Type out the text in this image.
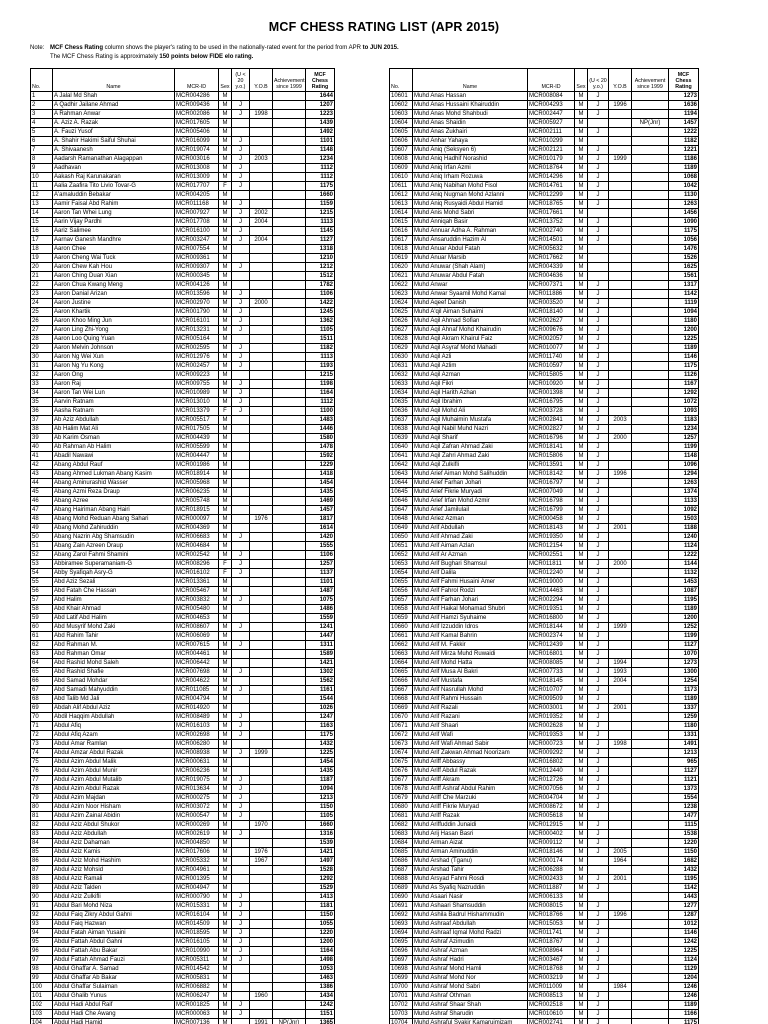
MCF CHESS RATING LIST (APR 2015)
Note: MCF Chess Rating column shows the player's rating to be used in the nationally-rated event for the period from APR to JUN 2015.
The MCF Chess Rating is approximately 150 points below FIDE elo rating.
No.	Name	MCR-ID	Sex	(U < 20 y.o.)	Y.O.B	Achievement since 1999	MCF Chess Rating	
1	A Jalal Md Shah	MCR004286	M				1644	
2	A Qadhir Jailane Ahmad	MCR009436	M	J			1207	
3	A Rahman Anwar	MCR002086	M	J	1998		1223	
4	A. Aziz A. Razak	MCR017605	M				1439	
5	A. Fauzi Yusof	MCR005406	M				1492	
6	A. Shahir Hakimi Saiful Shuhai	MCR016099	M	J			1101	
7	A. Shivaanesh	MCR019074	M	J			1148	
8	Aadarsh Ramanathan Alagappan	MCR003016	M	J	2003		1234	
9	Aadhavan	MCR013008	M	J			1112	
10	Aakash Raj Karunakaran	MCR013009	M	J			1112	
11	Aalia Zaafira Tito Livio Tovar-G	MCR017707	F	J			1175	
12	A'amaluddin Bebakar	MCR004205	M				1660	
13	Aamir Faisal Abd Rahim	MCR011168	M	J			1159	
14	Aaron Tan Whei Lung	MCR007927	M	J	2002		1215	
15	Aarin Vijay Pardhi	MCR017708	M	J	2004		1113	
16	Aariz Salimee	MCR016100	M	J			1145	
17	Aarnav Ganesh Mandhre	MCR003247	M	J	2004		1127	
18	Aaron Chee	MCR007554	M				1318	
19	Aaron Cheng Wai Tuck	MCR009361	M				1210	
20	Aaron Chew Kah Hou	MCR009307	M	J			1212	
21	Aaron Ching Duan Xian	MCR000345	M				1512	
22	Aaron Chua Kwang Meng	MCR004126	M				1782	
23	Aaron Danial Arizan	MCR013596	M	J			1106	
24	Aaron Justine	MCR002970	M	J	2000		1422	
25	Aaron Khartik	MCR001790	M	J			1245	
26	Aaron Khoo Ming Jun	MCR016101	M	J			1362	
27	Aaron Ling Zhi-Yong	MCR013231	M	J			1105	
28	Aaron Loo Quing Yuan	MCR005164	M				1511	
29	Aaron Melvin Johnson	MCR002595	M	J			1182	
30	Aaron Ng Wei Xun	MCR012976	M	J			1113	
31	Aaron Ng Yu Kong	MCR002457	M	J			1193	
32	Aaron Ong	MCR009223	M				1215	
33	Aaron Raj	MCR009755	M	J			1198	
34	Aaron Tan Wei Lun	MCR010989	M	J			1164	
35	Aarvin Ratnam	MCR013010	M	J			1112	
36	Aasha Ratnam	MCR013379	F	J			1100	
37	Ab Aziz Abdullah	MCR005517	M				1483	
38	Ab Halim Mat Ali	MCR017505	M				1446	
39	Ab Karim Osman	MCR004439	M				1580	
40	Ab Rahman Ab Halim	MCR005599	M				1478	
41	Abadil Nawawi	MCR004447	M				1592	
42	Abang Abdul Rauf	MCR001986	M				1229	
43	Abang Ahmed Lukman Abang Kasim	MCR018914	M				1418	
44	Abang Aminurashid Wasser	MCR005968	M				1454	
45	Abang Azmi Reza Draup	MCR006235	M				1435	
46	Abang Azree	MCR005748	M				1469	
47	Abang Hairiman Abang Hairi	MCR018915	M				1457	
48	Abang Mohd Reduan Abang Sahari	MCR000097	M		1976		1817	
49	Abang Mohd Zahiruddin	MCR004369	M				1614	
50	Abang Nazrin Abg Shamsudin	MCR006683	M	J			1420	
51	Abang Zain Azreen Draup	MCR004684	M				1555	
52	Abang Zarol Fahmi Shamini	MCR002542	M	J			1106	
53	Abbiramee Superamaniam-G	MCR008296	F	J			1257	
54	Abby Syafiqah Asry-G	MCR016102	F	J			1137	
55	Abd Aziz Sezali	MCR013361	M				1101	
56	Abd Fatah Che Hassan	MCR005467	M				1487	
57	Abd Halim	MCR003832	M	J			1075	
58	Abd Khair Ahmad	MCR005480	M				1486	
59	Abd Latif Abd Halim	MCR004653	M				1559	
60	Abd Musyrif Mohd Zaki	MCR008607	M	J			1241	
61	Abd Rahim Tahir	MCR006069	M				1447	
62	Abd Rahman M.	MCR007615	M	J			1311	
63	Abd Rahman Omar	MCR004461	M				1589	
64	Abd Rashid Mohd Saleh	MCR006442	M				1421	
65	Abd Rashid Shafie	MCR007698	M	J			1302	
66	Abd Samad Mohdar	MCR004622	M				1562	
67	Abd Samadi Mahyuddin	MCR011085	M	J			1161	
68	Abd Talib Md Jali	MCR004794	M				1544	
69	Abdah Alif Abdul Aziz	MCR014920	M				1026	
70	Abdil Haqqim Abdullah	MCR008489	M	J			1247	
71	Abdul Afiq	MCR016103	M	J			1163	
72	Abdul Afiq Azam	MCR002698	M	J			1175	
73	Abdul Amar Ramlan	MCR006280	M				1432	
74	Abdul Amzar Abdul Razak	MCR008938	M	J	1999		1225	
75	Abdul Azim Abdul Malik	MCR000631	M				1454	
76	Abdul Azim Abdul Munir	MCR006236	M				1435	
77	Abdul Azim Abdul Mutalib	MCR019075	M	J			1187	
78	Abdul Azim Abdul Razak	MCR013634	M	J			1094	
79	Abdul Azim Majdan	MCR000275	M	J			1213	
80	Abdul Azim Noor Hisham	MCR003072	M	J			1150	
81	Abdul Azim Zainal Abidin	MCR000547	M	J			1105	
82	Abdul Aziz Abdul Shukor	MCR000269	M		1970		1660	
83	Abdul Aziz Abdullah	MCR002619	M	J			1316	
84	Abdul Aziz Dahaman	MCR004850	M				1539	
85	Abdul Aziz Kamis	MCR017606	M		1976		1421	
86	Abdul Aziz Mohd Hashim	MCR005332	M		1967		1497	
87	Abdul Aziz Mohsid	MCR004961	M				1528	
88	Abdul Aziz Ramali	MCR001395	M				1292	
89	Abdul Aziz Talden	MCR004947	M				1529	
90	Abdul Aziz Zulkifli	MCR000790	M	J			1413	
91	Abdul Bari Mohd Niza	MCR015331	M	J			1181	
92	Abdul Faiq Zikry Abdul Gahni	MCR016104	M	J			1150	
93	Abdul Faiq Hazwan	MCR014509	M	J			1055	
94	Abdul Fatah Aiman Yusaini	MCR018595	M	J			1220	
95	Abdul Fattah Abdul Gahni	MCR016105	M	J			1200	
96	Abdul Fattah Abu Bakar	MCR010990	M	J			1164	
97	Abdul Fattah Ahmad Fauzi	MCR005311	M	J			1498	
98	Abdul Ghaffar A. Samad	MCR014542	M				1053	
99	Abdul Ghaffar Ab Bakar	MCR005831	M				1463	
100	Abdul Ghaffar Sulaiman	MCR006882	M				1386	
101	Abdul Ghalib Yunus	MCR006247	M		1960		1434	
102	Abdul Hadi Abdul Raif	MCR001825	M	J			1242	
103	Abdul Hadi Che Awang	MCR000063	M	J			1151	
104	Abdul Hadi Hamid	MCR007136	M		1991	NP(Jnr)	1365	
No.	Name	MCR-ID	Sex	(U < 20 y.o.)	Y.O.B	Achievement since 1999	MCF Chess Rating	
10601	Muhd Anas Hassan	MCR008084	M	J			1273	
10602	Muhd Anas Hussaini Khairuddin	MCR004293	M	J	1996		1636	
10603	Muhd Anas Mohd Shahbudi	MCR002447	M	J			1194	
10604	Muhd Anas Shaidin	MCR005927	M			NP(Jnr)	1457	
10605	Muhd Anas Zukhairi	MCR002111	M	J			1222	
10606	Muhd Anhar Yahaya	MCR010299	M				1182	
10607	Muhd Aniq (Seksyen 6)	MCR002121	M	J			1221	
10608	Muhd Aniq Hadhif Norashid	MCR010179	M	J	1999		1186	
10609	Muhd Aniq Irfan Azmi	MCR018764	M	J			1189	
10610	Muhd Aniq Irham Rozuwa	MCR014296	M	J			1068	
10611	Muhd Aniq Nabihan Mohd Fisol	MCR014761	M	J			1042	
10612	Muhd Aniq Nugman Mohd Azlanni	MCR012299	M	J			1130	
10613	Muhd Aniq Rusyaidi Abdul Hamid	MCR018765	M	J			1263	
10614	Muhd Anis Mohd Sabri	MCR017661	M				1456	
10615	Muhd Anniqah Basir	MCR013752	M	J			1090	
10616	Muhd Annuar Adha A. Rahman	MCR002740	M	J			1175	
10617	Muhd Ansaruddin Hazim Al	MCR014501	M	J			1056	
10618	Muhd Anuar Abdul Fatah	MCR005632	M				1476	
10619	Muhd Anuar Marsib	MCR017662	M				1526	
10620	Muhd Anuwar (Shah Alam)	MCR004339	M				1625	
10621	Muhd Anuwar Abdul Fatah	MCR004636	M				1561	
10622	Muhd Anwar	MCR007371	M	J			1317	
10623	Muhd Anwar Syaamil Mohd Kamal	MCR011886	M	J			1142	
10624	Muhd Aqeef Danish	MCR003520	M	J			1119	
10625	Muhd A'qil Aiman Suhaimi	MCR018140	M	J			1094	
10626	Muhd Aqil Ahmad Sofian	MCR002627	M	J			1180	
10627	Muhd Aqil Ahnaf Mohd Khairudin	MCR009676	M	J			1200	
10628	Muhd Aqil Akram Khairul Faiz	MCR002057	M	J			1225	
10629	Muhd Aqil Asyraf Mohd Mahadi	MCR010077	M	J			1189	
10630	Muhd Aqil Azli	MCR011740	M	J			1146	
10631	Muhd Aqil Azlim	MCR010597	M	J			1175	
10632	Muhd Aqil Azman	MCR015805	M	J			1126	
10633	Muhd Aqil Fikri	MCR010920	M	J			1167	
10634	Muhd Aqil Harith Azhan	MCR001398	M	J			1292	
10635	Muhd Aqil Ibrahim	MCR016795	M	J			1072	
10636	Muhd Aqil Mohd Ali	MCR003728	M	J			1093	
10637	Muhd Aqil Muhaimin Mustafa	MCR002841	M	J	2003		1183	
10638	Muhd Aqil Nabil Muhd Nazri	MCR002827	M	J			1234	
10639	Muhd Aqil Sharif	MCR016796	M	J	2000		1257	
10640	Muhd Aqil Zafran Ahmad Zaki	MCR018141	M	J			1199	
10641	Muhd Aqil Zahri Ahmad Zaki	MCR015806	M	J			1148	
10642	Muhd Aqil Zulkifli	MCR013591	M	J			1096	
10643	Muhd Arief Aiman Mohd Salihuddin	MCR018142	M	J	1996		1294	
10644	Muhd Arief Farhan Johari	MCR016797	M	J			1263	
10645	Muhd Arief Fikrie Muryadi	MCR007049	M	J			1374	
10646	Muhd Arief Irfan Mohd Azmir	MCR016798	M	J			1133	
10647	Muhd Arief Jamilulail	MCR016799	M	J			1092	
10648	Muhd Ariez Azman	MCR000458	M	J			1503	
10649	Muhd Arif Abdullah	MCR018143	M	J	2001		1188	
10650	Muhd Arif Ahmad Zaki	MCR019350	M	J			1240	
10651	Muhd Arif Aiman Azlan	MCR012154	M	J			1124	
10652	Muhd Arif Ar Azman	MCR002551	M	J			1222	
10653	Muhd Arif Bughari Shamsul	MCR011811	M	J	2000		1144	
10654	Muhd Arif Dalila	MCR012240	M	J			1132	
10655	Muhd Arif Fahmi Husaini Amer	MCR019000	M	J			1453	
10656	Muhd Arif Fahrol Rodzi	MCR014463	M	J			1087	
10657	Muhd Arif Farhan Johari	MCR002294	M	J			1195	
10658	Muhd Arif Haikal Mohamad Shubri	MCR019351	M	J			1189	
10659	Muhd Arif Hamzi Syuhaime	MCR016800	M	J			1200	
10660	Muhd Arif Izzuddin Idros	MCR018144	M	J	1999		1252	
10661	Muhd Arif Kamal Bahrin	MCR002374	M	J			1199	
10662	Muhd Arif M. Fakkir	MCR012439	M	J			1127	
10663	Muhd Arif Mirza Muhd Ruwaidi	MCR016801	M	J			1070	
10664	Muhd Arif Mohd Hatta	MCR008085	M	J	1994		1273	
10665	Muhd Arif Musa Al Bakri	MCR007733	M	J	1993		1300	
10666	Muhd Arif Mustafa	MCR018145	M	J	2004		1254	
10667	Muhd Arif Nasrullah Mohd	MCR010707	M	J			1173	
10668	Muhd Arif Rahmi Hussain	MCR009509	M	J			1189	
10669	Muhd Arif Razali	MCR003001	M	J	2001		1337	
10670	Muhd Arif Razani	MCR019352	M	J			1259	
10671	Muhd Arif Shaari	MCR002628	M	J			1180	
10672	Muhd Arif Wafi	MCR019353	M	J			1331	
10673	Muhd Arif Wafi Ahmad Sabir	MCR000723	M	J	1998		1491	
10674	Muhd Arif Zakwan Ahmad Noorizam	MCR009292	M	J			1213	
10675	Muhd Ariff Abbassy	MCR016802	M	J			965	
10676	Muhd Ariff Abdul Razak	MCR012440	M	J			1127	
10677	Muhd Ariff Akram	MCR012726	M	J			1121	
10678	Muhd Ariff Ashraf Abdul Rahim	MCR007056	M	J			1373	
10679	Muhd Ariff Che Marzuki	MCR004704	M	J			1554	
10680	Muhd Ariff Fikrie Muryad	MCR008672	M	J			1238	
10681	Muhd Ariff Razak	MCR005618	M				1477	
10682	Muhd Ariffuddin Junaidi	MCR012915	M	J			1115	
10683	Muhd Arij Hasan Basri	MCR000402	M	J			1538	
10684	Muhd Arman Aizat	MCR009112	M	J			1220	
10685	Muhd Arman Aminuddin	MCR018146	M	J	2005		1150	
10686	Muhd Arshad (Tganu)	MCR000174	M		1964		1682	
10687	Muhd Arshad Tahir	MCR006288	M				1432	
10688	Muhd Arsyad Fahmi Rosdi	MCR002433	M	J	2001		1195	
10689	Muhd As Syafiq Nazruddin	MCR011887	M	J			1142	
10690	Muhd Asaari Nasir	MCR006133	M				1443	
10691	Muhd Ashaari Shamsuddin	MCR008015	M	J			1277	
10692	Muhd Ashila Badrul Hishammudin	MCR018766	M	J	1996		1287	
10693	Muhd Ashraaf Abdullah	MCR015053	M	J			1012	
10694	Muhd Ashraaf Iqmal Mohd Radzi	MCR011741	M	J			1146	
10695	Muhd Ashraf Azimudin	MCR018767	M	J			1242	
10696	Muhd Ashraf Azman	MCR008964	M	J			1225	
10697	Muhd Ashraf Hadri	MCR003467	M	J			1124	
10698	Muhd Ashraf Mohd Hamli	MCR018768	M	J			1129	
10699	Muhd Ashraf Mohd Nor	MCR003219	M	J			1204	
10700	Muhd Ashraf Mohd Sabri	MCR011009	M		1984		1246	
10701	Muhd Ashraf Othman	MCR008513	M	J			1246	
10702	Muhd Ashraf Shaar Shah	MCR002518	M	J			1189	
10703	Muhd Ashraf Sharudin	MCR010610	M	J			1166	
10704	Muhd Ashraful Syakir Kamaruimizam	MCR002741	M	J			1175	
